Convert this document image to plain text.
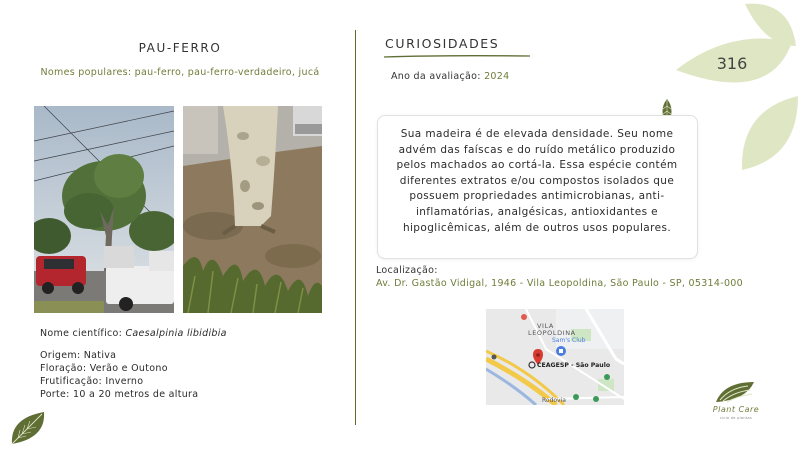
PAU-FERRO
Nomes populares: pau-ferro, pau-ferro-verdadeiro, jucá
Nome científico: Caesalpinia libidibia
Origem: Nativa
Floração: Verão e Outono
Frutificação: Inverno
Porte: 10 a 20 metros de altura
CURIOSIDADES
Ano da avaliação: 2024
316
Sua madeira é de elevada densidade. Seu nome advém das faíscas e do ruído metálico produzido pelos machados ao cortá-la. Essa espécie contém diferentes extratos e/ou compostos isolados que possuem propriedades antimicrobianas, anti-inflamatórias, analgésicas, antioxidantes e hipoglicêmicas, além de outros usos populares.
Localização:
Av. Dr. Gastão Vidigal, 1946 - Vila Leopoldina, São Paulo - SP, 05314-000
VILA
LEOPOLDINA
Sam's Club
CEAGESP - São Paulo
Rodovia
Plant Care
ciclo de plantas
